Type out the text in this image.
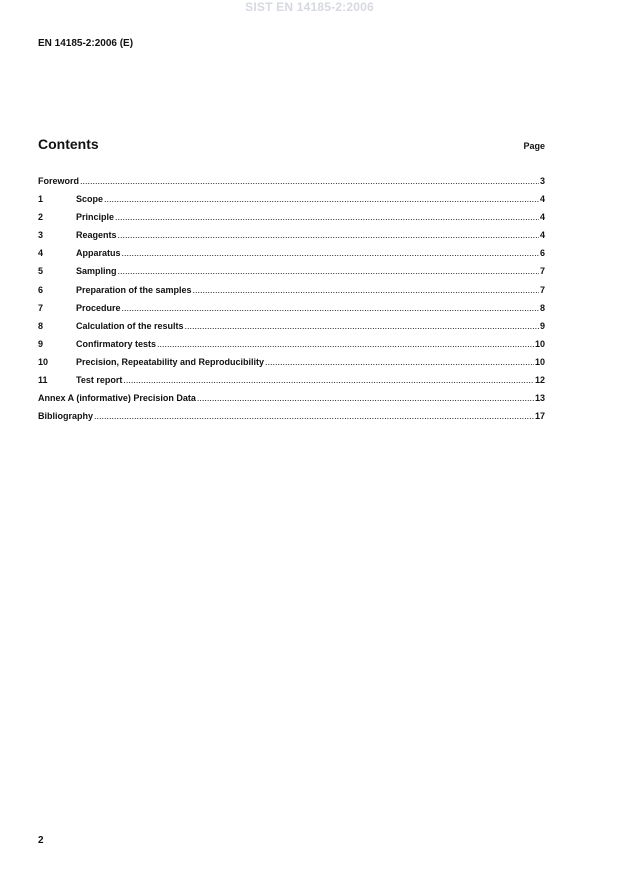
SIST EN 14185-2:2006
EN 14185-2:2006 (E)
Contents	Page
Foreword .....	3
1	Scope .....	4
2	Principle .....	4
3	Reagents .....	4
4	Apparatus .....	6
5	Sampling .....	7
6	Preparation of the samples .....	7
7	Procedure .....	8
8	Calculation of the results .....	9
9	Confirmatory tests .....	10
10	Precision, Repeatability and Reproducibility .....	10
11	Test report .....	12
Annex A (informative) Precision Data .....	13
Bibliography .....	17
2
